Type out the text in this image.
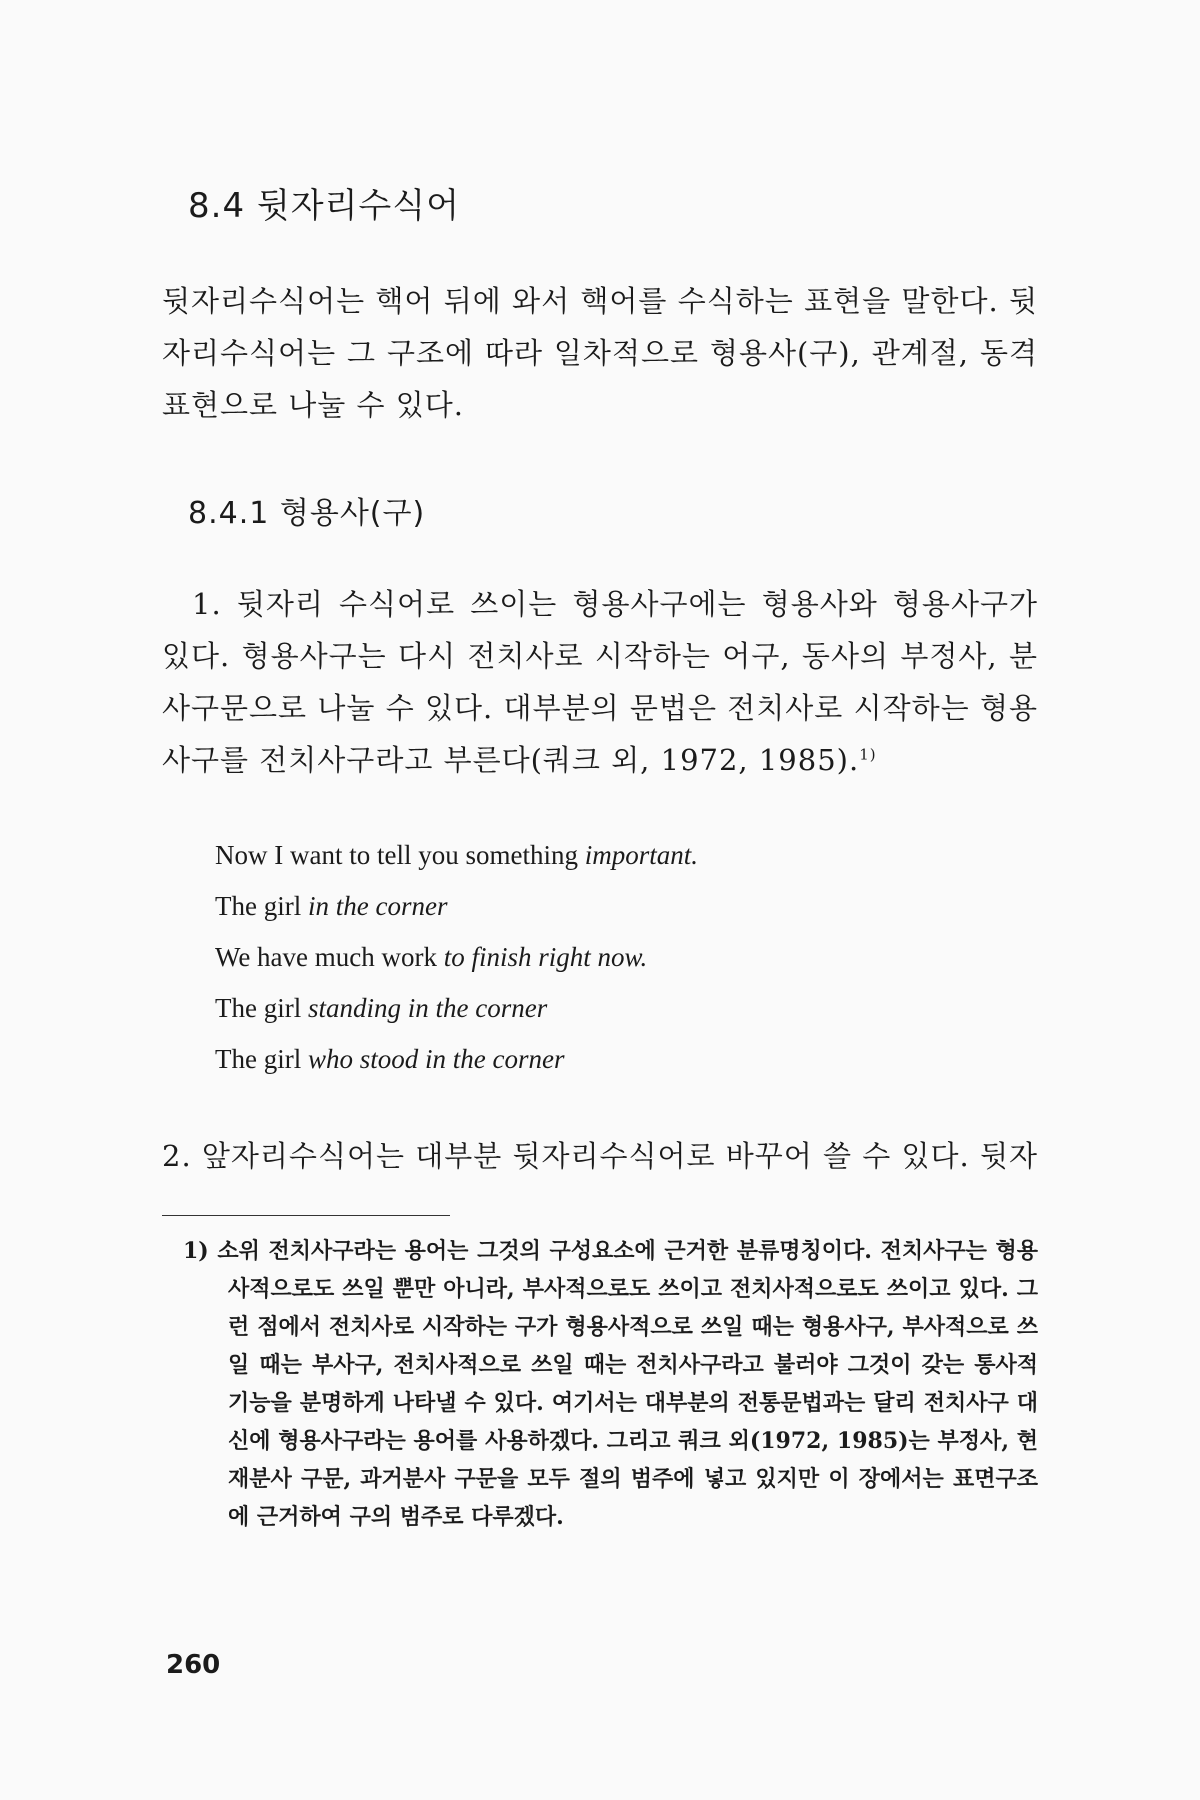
8.4 뒷자리수식어

뒷자리수식어는 핵어 뒤에 와서 핵어를 수식하는 표현을 말한다. 뒷자리수식어는 그 구조에 따라 일차적으로 형용사(구), 관계절, 동격표현으로 나눌 수 있다.

8.4.1 형용사(구)

1. 뒷자리 수식어로 쓰이는 형용사구에는 형용사와 형용사구가 있다. 형용사구는 다시 전치사로 시작하는 어구, 동사의 부정사, 분사구문으로 나눌 수 있다. 대부분의 문법은 전치사로 시작하는 형용사구를 전치사구라고 부른다(쿼크 외, 1972, 1985).$^{1)}$

Now I want to tell you something important.
The girl in the corner
We have much work to finish right now.
The girl standing in the corner
The girl who stood in the corner

2. 앞자리수식어는 대부분 뒷자리수식어로 바꾸어 쓸 수 있다. 뒷자

1) 소위 전치사구라는 용어는 그것의 구성요소에 근거한 분류명칭이다. 전치사구는 형용사적으로도 쓰일 뿐만 아니라, 부사적으로도 쓰이고 전치사적으로도 쓰이고 있다. 그런 점에서 전치사로 시작하는 구가 형용사적으로 쓰일 때는 형용사구, 부사적으로 쓰일 때는 부사구, 전치사적으로 쓰일 때는 전치사구라고 불러야 그것이 갖는 통사적 기능을 분명하게 나타낼 수 있다. 여기서는 대부분의 전통문법과는 달리 전치사구 대신에 형용사구라는 용어를 사용하겠다. 그리고 쿼크 외(1972, 1985)는 부정사, 현재분사 구문, 과거분사 구문을 모두 절의 범주에 넣고 있지만 이 장에서는 표면구조에 근거하여 구의 범주로 다루겠다.

260
